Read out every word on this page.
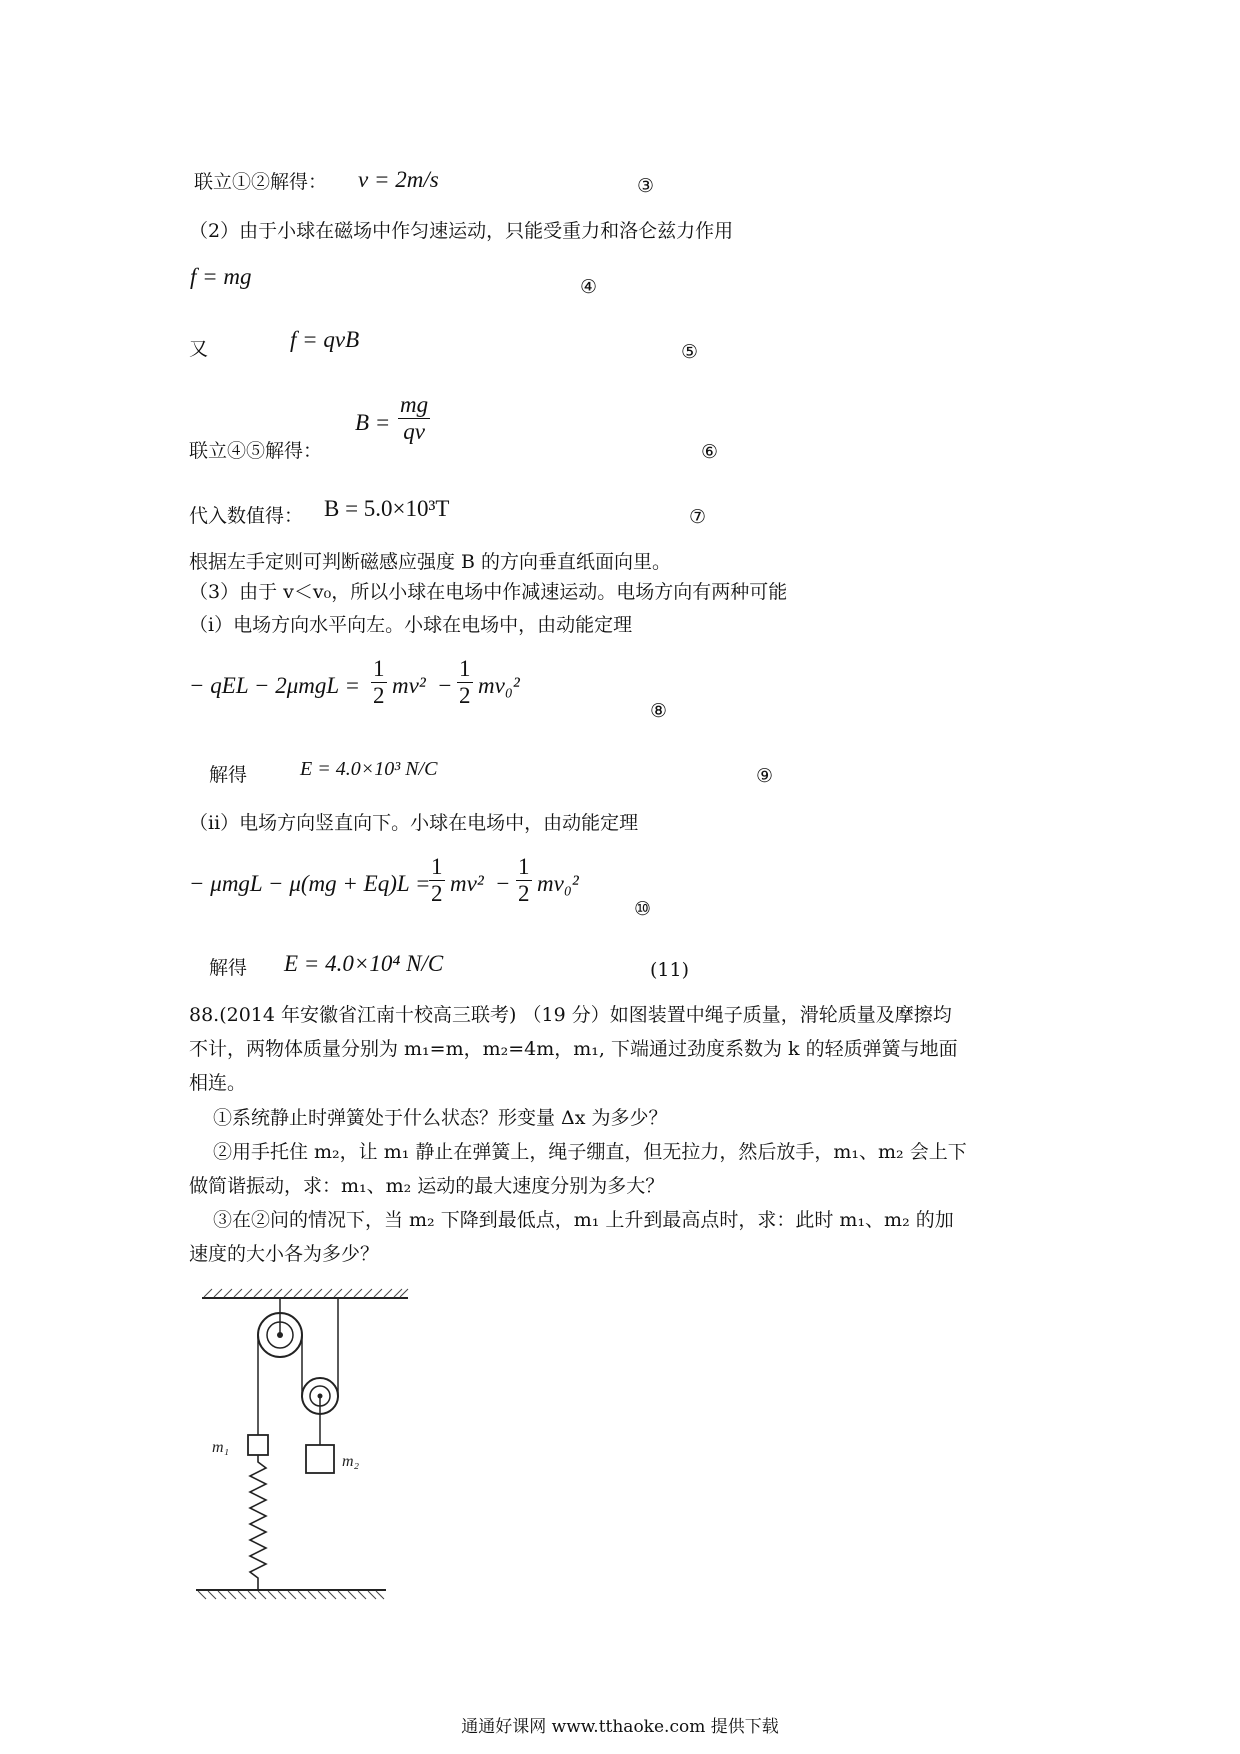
联立①②解得： v = 2m/s	③
（2）由于小球在磁场中作匀速运动，只能受重力和洛仑兹力作用
f = mg	④
又	f = qvB	⑤
联立④⑤解得：
$B = \frac{mg}{qv}$
⑥
代入数值得： B = 5.0×10³T	⑦
根据左手定则可判断磁感应强度 B 的方向垂直纸面向里。
（3）由于 v＜v₀，所以小球在电场中作减速运动。电场方向有两种可能
（i）电场方向水平向左。小球在电场中，由动能定理
− qEL − $2\mu mgL = \frac{1}{2} mv^2 - \frac{1}{2} mv_0^2$
⑧
解得	E = 4.0×10³ N/C	⑨
（ii）电场方向竖直向下。小球在电场中，由动能定理
− μmgL − μ(mg + Eq)L =
$\frac{1}{2} mv^2 - \frac{1}{2} mv_0^2$
⑩
解得 E = 4.0×10⁴ N/C	(11)
88.(2014 年安徽省江南十校高三联考) （19 分）如图装置中绳子质量，滑轮质量及摩擦均
不计，两物体质量分别为 m₁=m，m₂=4m，m₁, 下端通过劲度系数为 k 的轻质弹簧与地面
相连。
①系统静止时弹簧处于什么状态？形变量 Δx 为多少？
②用手托住 m₂，让 m₁ 静止在弹簧上，绳子绷直，但无拉力，然后放手，m₁、m₂ 会上下
做简谐振动，求：m₁、m₂ 运动的最大速度分别为多大？
③在②问的情况下，当 m₂ 下降到最低点，m₁ 上升到最高点时，求：此时 m₁、m₂ 的加
速度的大小各为多少？
m₁
m₂
通通好课网 www.tthaoke.com 提供下载
